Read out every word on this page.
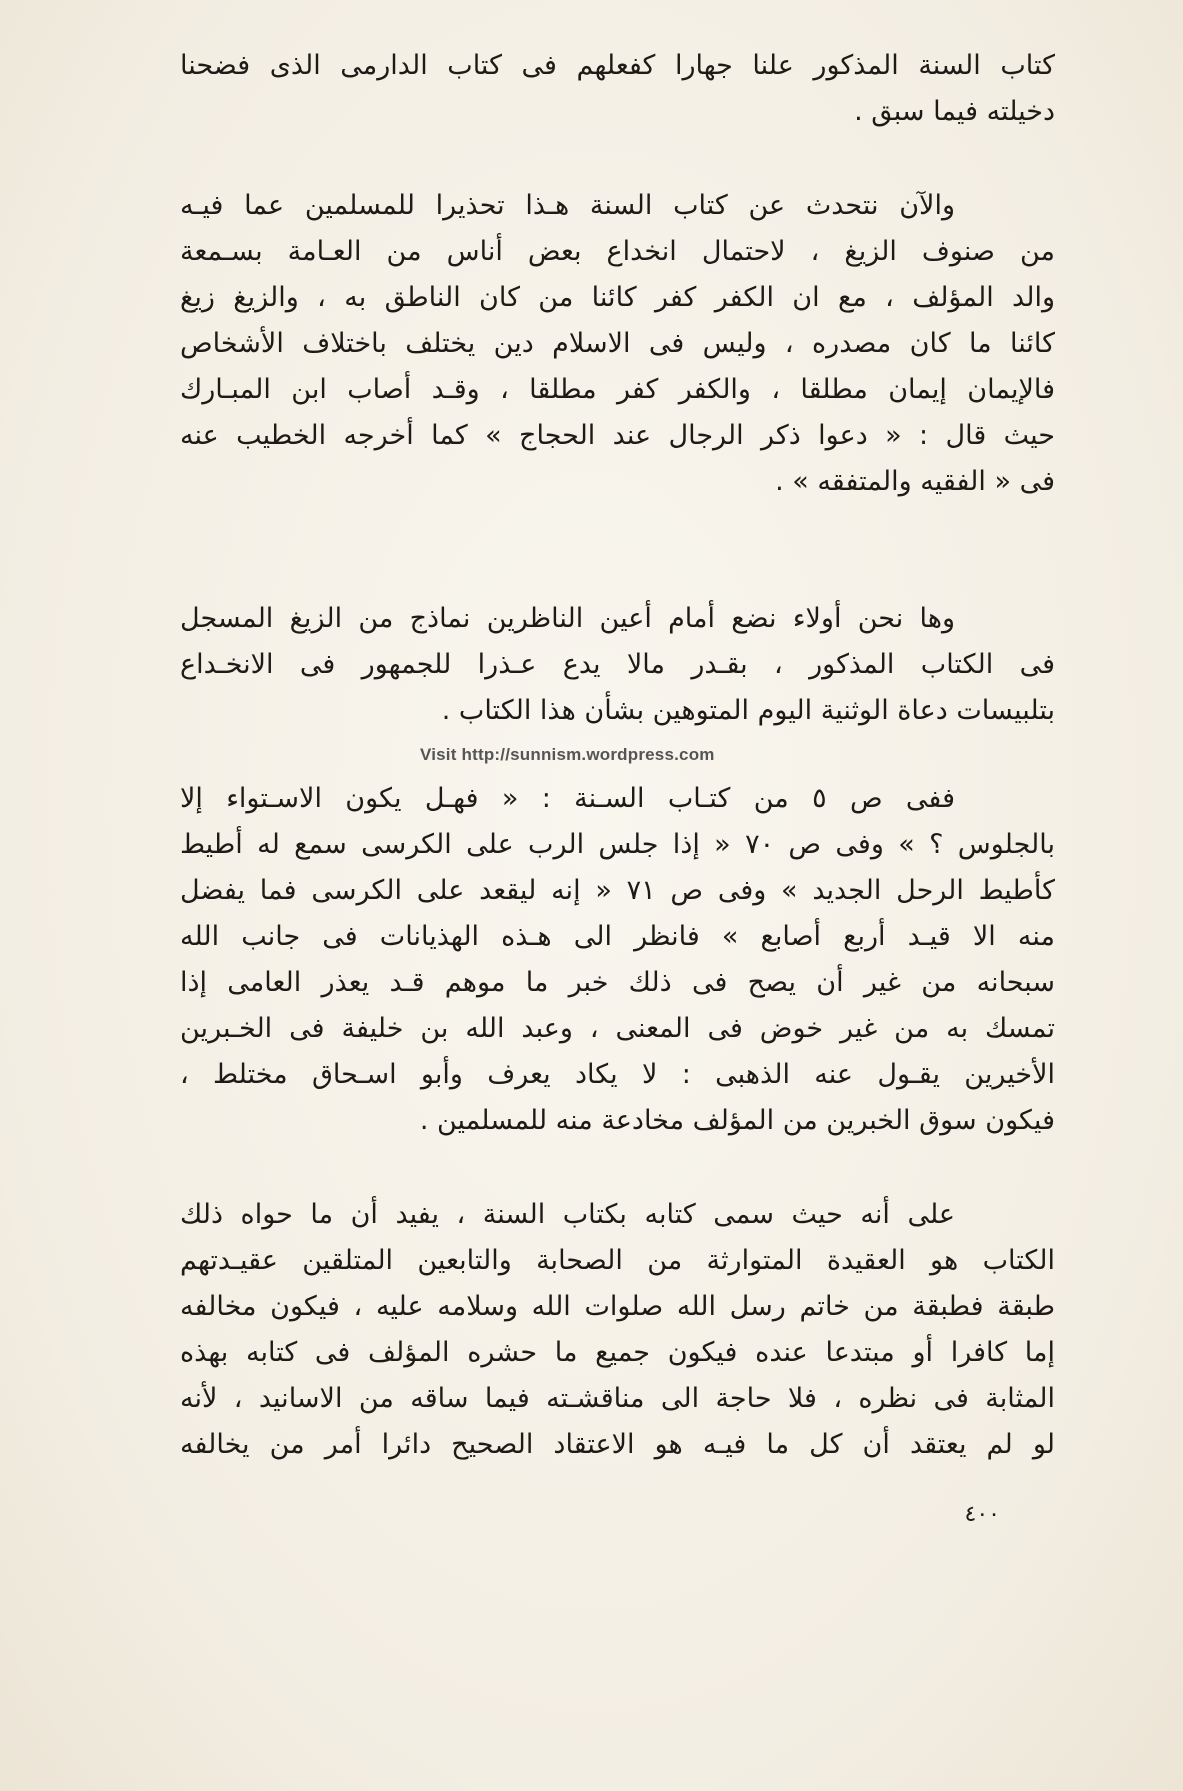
كتاب السنة المذكور علنا جهارا كفعلهم فى كتاب الدارمى الذى فضحنا
دخيلته فيما سبق .
والآن نتحدث عن كتاب السنة هـذا تحذيرا للمسلمين عما فيـه
من صنوف الزيغ ، لاحتمال انخداع بعض أناس من العـامة بسـمعة
والد المؤلف ، مع ان الكفر كفر كائنا من كان الناطق به ، والزيغ زيغ
كائنا ما كان مصدره ، وليس فى الاسلام دين يختلف باختلاف الأشخاص
فالإيمان إيمان مطلقا ، والكفر كفر مطلقا ، وقـد أصاب ابن المبـارك
حيث قال : « دعوا ذكر الرجال عند الحجاج » كما أخرجه الخطيب عنه
فى « الفقيه والمتفقه » .
وها نحن أولاء نضع أمام أعين الناظرين نماذج من الزيغ المسجل
فى الكتاب المذكور ، بقـدر مالا يدع عـذرا للجمهور فى الانخـداع
بتلبيسات دعاة الوثنية اليوم المتوهين بشأن هذا الكتاب .
Visit http://sunnism.wordpress.com
ففى ص ٥ من كتـاب السـنة : « فهـل يكون الاسـتواء إلا
بالجلوس ؟ » وفى ص ٧٠ « إذا جلس الرب على الكرسى سمع له أطيط
كأطيط الرحل الجديد » وفى ص ٧١ « إنه ليقعد على الكرسى فما يفضل
منه الا قيـد أربع أصابع » فانظر الى هـذه الهذيانات فى جانب الله
سبحانه من غير أن يصح فى ذلك خبر ما موهم قـد يعذر العامى إذا
تمسك به من غير خوض فى المعنى ، وعبد الله بن خليفة فى الخـبرين
الأخيرين يقـول عنه الذهبى : لا يكاد يعرف وأبو اسـحاق مختلط ،
فيكون سوق الخبرين من المؤلف مخادعة منه للمسلمين .
على أنه حيث سمى كتابه بكتاب السنة ، يفيد أن ما حواه ذلك
الكتاب هو العقيدة المتوارثة من الصحابة والتابعين المتلقين عقيـدتهم
طبقة فطبقة من خاتم رسل الله صلوات الله وسلامه عليه ، فيكون مخالفه
إما كافرا أو مبتدعا عنده فيكون جميع ما حشره المؤلف فى كتابه بهذه
المثابة فى نظره ، فلا حاجة الى مناقشـته فيما ساقه من الاسانيد ، لأنه
لو لم يعتقد أن كل ما فيـه هو الاعتقاد الصحيح دائرا أمر من يخالفه
٤٠٠
